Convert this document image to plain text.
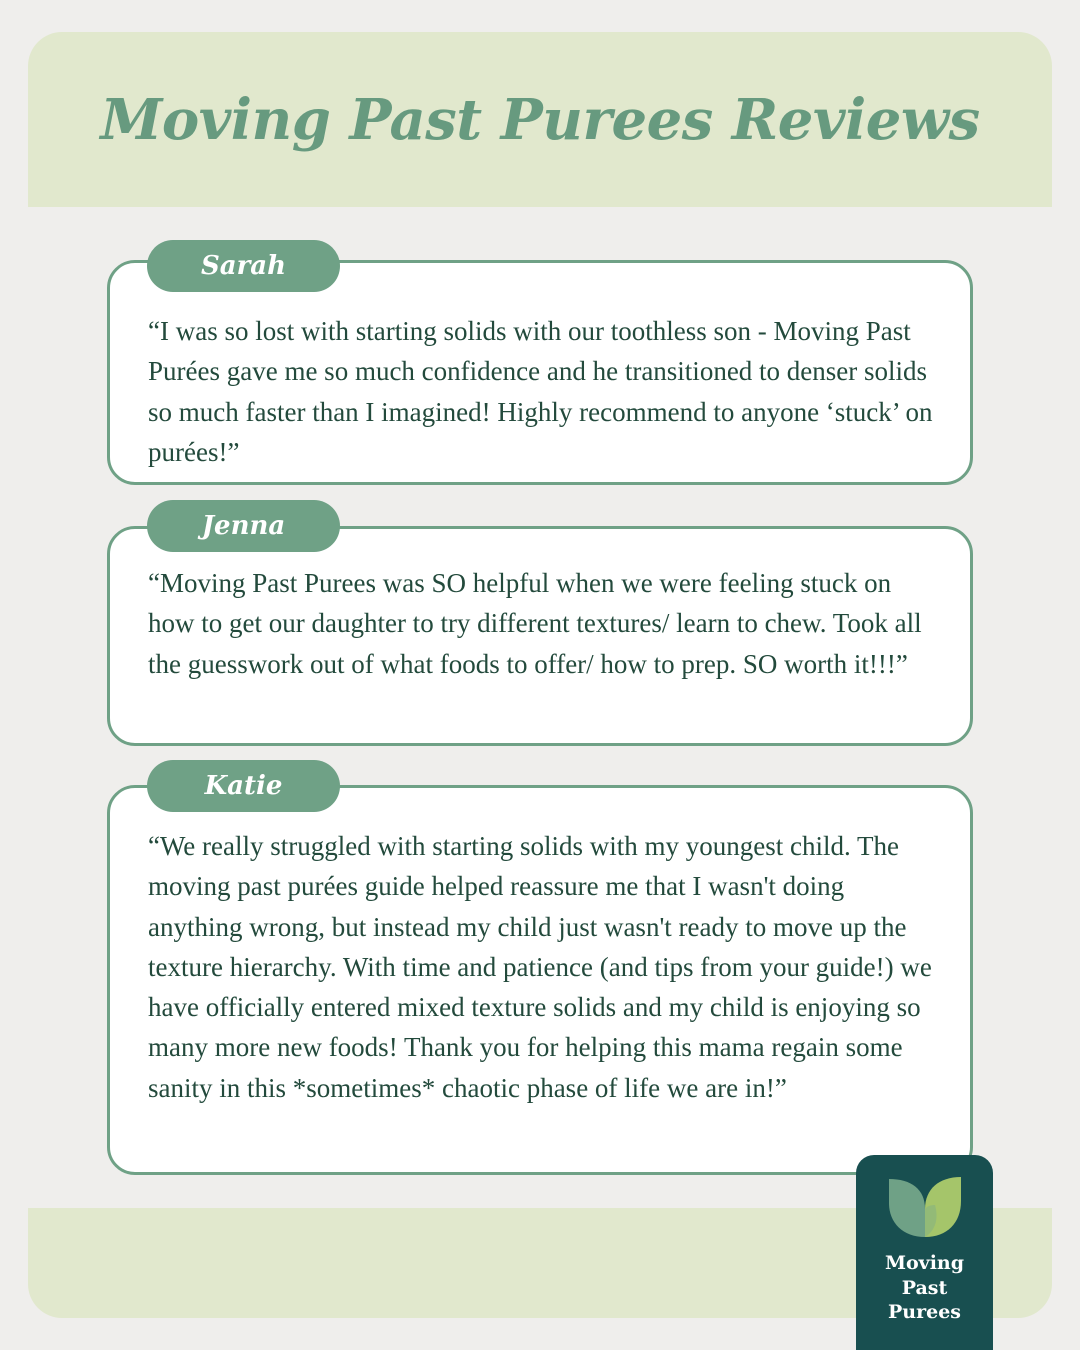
Moving Past Purees Reviews

“I was so lost with starting solids with our toothless son - Moving Past Purées gave me so much confidence and he transitioned to denser solids so much faster than I imagined! Highly recommend to anyone ‘stuck’ on purées!”

Sarah

“Moving Past Purees was SO helpful when we were feeling stuck on how to get our daughter to try different textures/ learn to chew. Took all the guesswork out of what foods to offer/ how to prep. SO worth it!!!”

Jenna

“We really struggled with starting solids with my youngest child. The moving past purées guide helped reassure me that I wasn't doing anything wrong, but instead my child just wasn't ready to move up the texture hierarchy. With time and patience (and tips from your guide!) we have officially entered mixed texture solids and my child is enjoying so many more new foods! Thank you for helping this mama regain some sanity in this *sometimes* chaotic phase of life we are in!”

Katie
Moving
Past
Purees
